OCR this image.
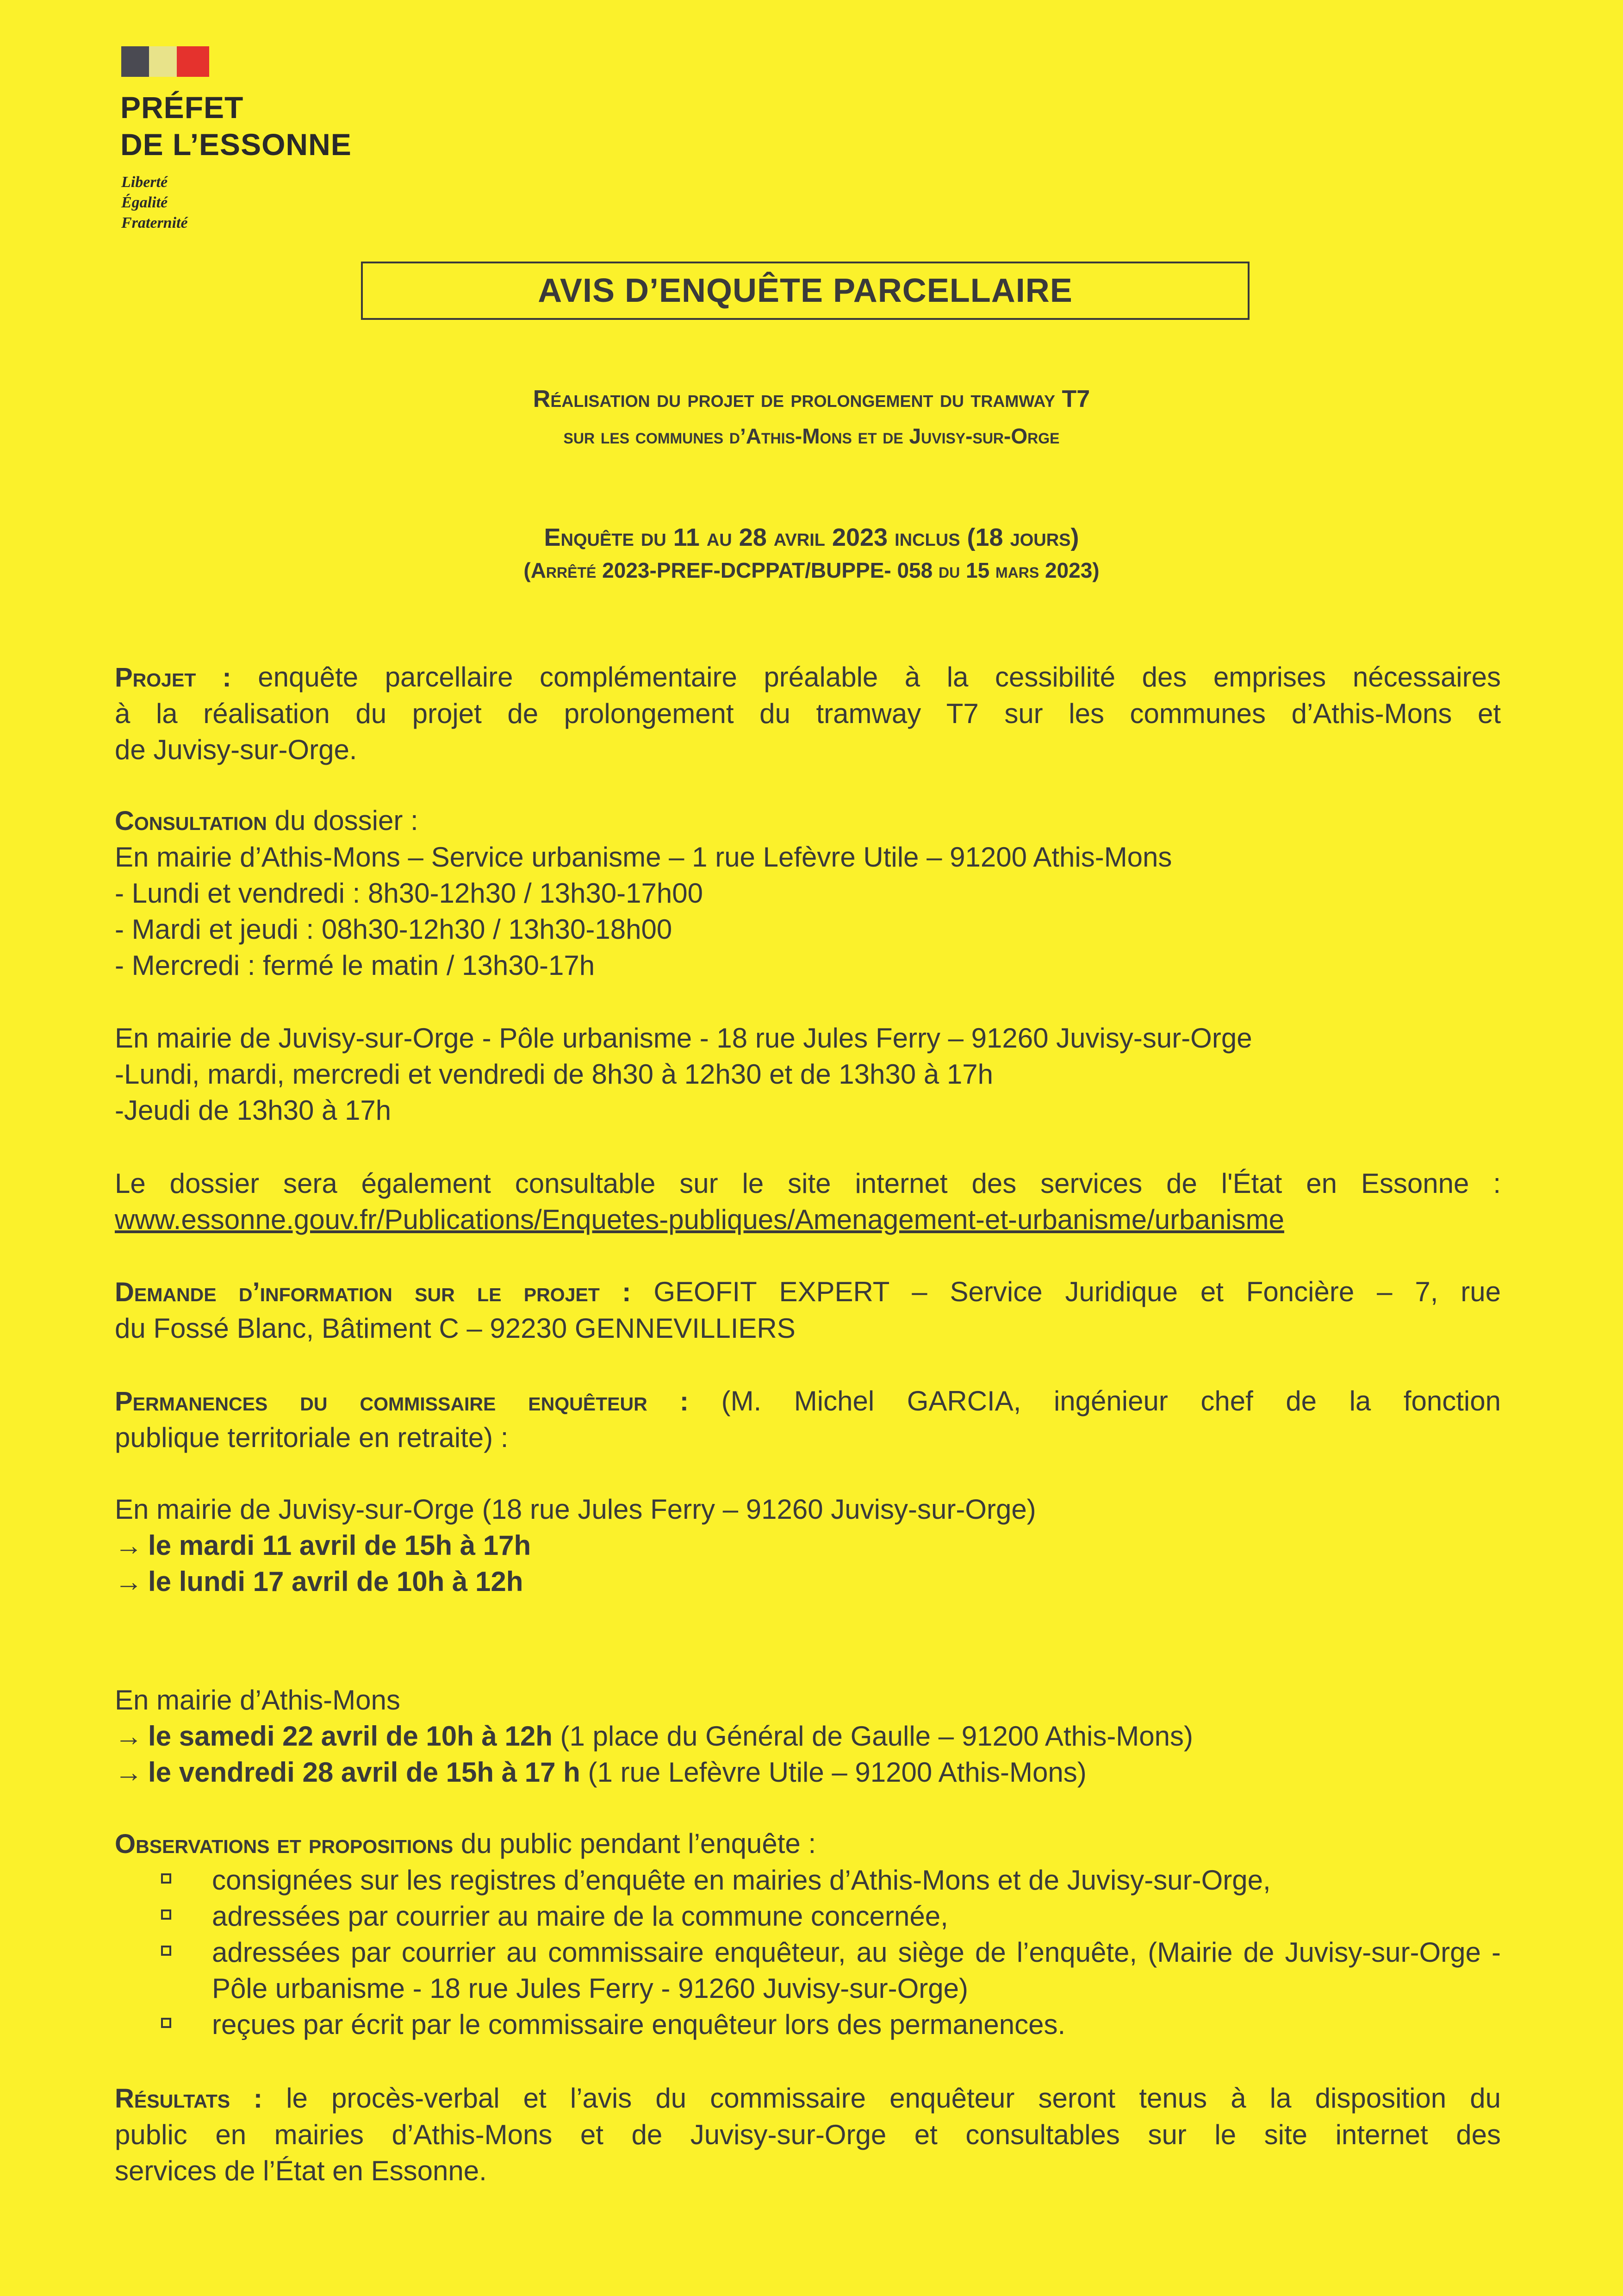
PRÉFET
DE L’ESSONNE
Liberté
Égalité
Fraternité
AVIS D’ENQUÊTE PARCELLAIRE
Réalisation du projet de prolongement du tramway T7
sur les communes d’Athis-Mons et de Juvisy-sur-Orge
Enquête du 11 au 28 avril 2023 inclus (18 jours)
(Arrêté 2023-PREF-DCPPAT/BUPPE- 058 du 15 mars 2023)
Projet : enquête parcellaire complémentaire préalable à la cessibilité des emprises nécessaires
à la réalisation du projet de prolongement du tramway T7 sur les communes d’Athis-Mons et
de Juvisy-sur-Orge.
Consultation du dossier :
En mairie d’Athis-Mons – Service urbanisme – 1 rue Lefèvre Utile – 91200 Athis-Mons
- Lundi et vendredi : 8h30-12h30 / 13h30-17h00
- Mardi et jeudi : 08h30-12h30 / 13h30-18h00
- Mercredi : fermé le matin / 13h30-17h
En mairie de Juvisy-sur-Orge - Pôle urbanisme - 18 rue Jules Ferry – 91260 Juvisy-sur-Orge
-Lundi, mardi, mercredi et vendredi de 8h30 à 12h30 et de 13h30 à 17h
-Jeudi de 13h30 à 17h
Le dossier sera également consultable sur le site internet des services de l'État en Essonne :
www.essonne.gouv.fr/Publications/Enquetes-publiques/Amenagement-et-urbanisme/urbanisme
Demande d’information sur le projet : GEOFIT EXPERT – Service Juridique et Foncière – 7, rue
du Fossé Blanc, Bâtiment C – 92230 GENNEVILLIERS
Permanences du commissaire enquêteur : (M. Michel GARCIA, ingénieur chef de la fonction
publique territoriale en retraite) :
En mairie de Juvisy-sur-Orge (18 rue Jules Ferry – 91260 Juvisy-sur-Orge)
→ le mardi 11 avril de 15h à 17h
→ le lundi 17 avril de 10h à 12h
En mairie d’Athis-Mons
→ le samedi 22 avril de 10h à 12h (1 place du Général de Gaulle – 91200 Athis-Mons)
→ le vendredi 28 avril de 15h à 17 h (1 rue Lefèvre Utile – 91200 Athis-Mons)
Observations et propositions du public pendant l’enquête :
consignées sur les registres d’enquête en mairies d’Athis-Mons et de Juvisy-sur-Orge,
adressées par courrier au maire de la commune concernée,
adressées par courrier au commissaire enquêteur, au siège de l’enquête, (Mairie de Juvisy-sur-Orge - Pôle urbanisme - 18 rue Jules Ferry - 91260 Juvisy-sur-Orge)
reçues par écrit par le commissaire enquêteur lors des permanences.
Résultats : le procès-verbal et l’avis du commissaire enquêteur seront tenus à la disposition du
public en mairies d’Athis-Mons et de Juvisy-sur-Orge et consultables sur le site internet des
services de l’État en Essonne.
